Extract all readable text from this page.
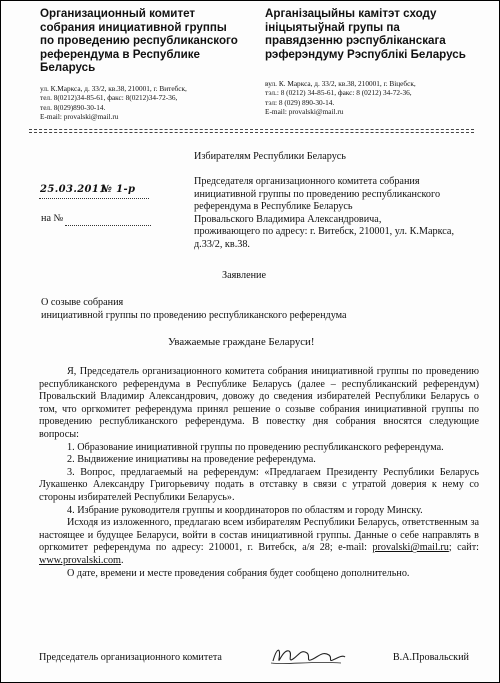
Организационный комитет
собрания инициативной группы
по проведению республиканского
референдума в Республике
Беларусь

Арганізацыйны камітэт сходу
ініцыятыўнай групы па
правядзенню рэспубліканскага
рэферэндуму Рэспублікі Беларусь

ул. К.Маркса, д. 33/2, кв.38, 210001, г. Витебск,
тел. 8(0212)34-85-61, факс: 8(0212)34-72-36,
тел. 8(029)890-30-14.
E-mail: provalski@mail.ru

вул. К. Маркса, д. 33/2, кв.38, 210001, г. Віцебск,
тэл.: 8 (0212) 34-85-61, факс: 8 (0212) 34-72-36,
тэл: 8 (029) 890-30-14.
E-mail: provalski@mail.ru

Избирателям Республики Беларусь

25.03.2011
№ 1-р
на №

Председателя организационного комитета собрания
инициативной группы по проведению республиканского
референдума в Республике Беларусь
Провальского Владимира Александровича,
проживающего по адресу: г. Витебск, 210001, ул. К.Маркса,
д.33/2, кв.38.

Заявление

О созыве собрания
инициативной группы по проведению республиканского референдума

Уважаемые граждане Беларуси!

Я, Председатель организационного комитета собрания инициативной группы по проведению республиканского референдума в Республике Беларусь (далее – республиканский референдум) Провальский Владимир Александрович, довожу до сведения избирателей Республики Беларусь о том, что оргкомитет референдума принял решение о созыве собрания инициативной группы по проведению республиканского референдума. В повестку дня собрания вносятся следующие вопросы:

1. Образование инициативной группы по проведению республиканского референдума.

2. Выдвижение инициативы на проведение референдума.

3. Вопрос, предлагаемый на референдум: «Предлагаем Президенту Республики Беларусь Лукашенко Александру Григорьевичу подать в отставку в связи с утратой доверия к нему со стороны избирателей Республики Беларусь».

4. Избрание руководителя группы и координаторов по областям и городу Минску.

Исходя из изложенного, предлагаю всем избирателям Республики Беларусь, ответственным за настоящее и будущее Беларуси, войти в состав инициативной группы. Данные о себе направлять в оргкомитет референдума по адресу: 210001, г. Витебск, а/я 28; e-mail: provalski@mail.ru; сайт: www.provalski.com.

О дате, времени и месте проведения собрания будет сообщено дополнительно.

Председатель организационного комитета	В.А.Провальский
